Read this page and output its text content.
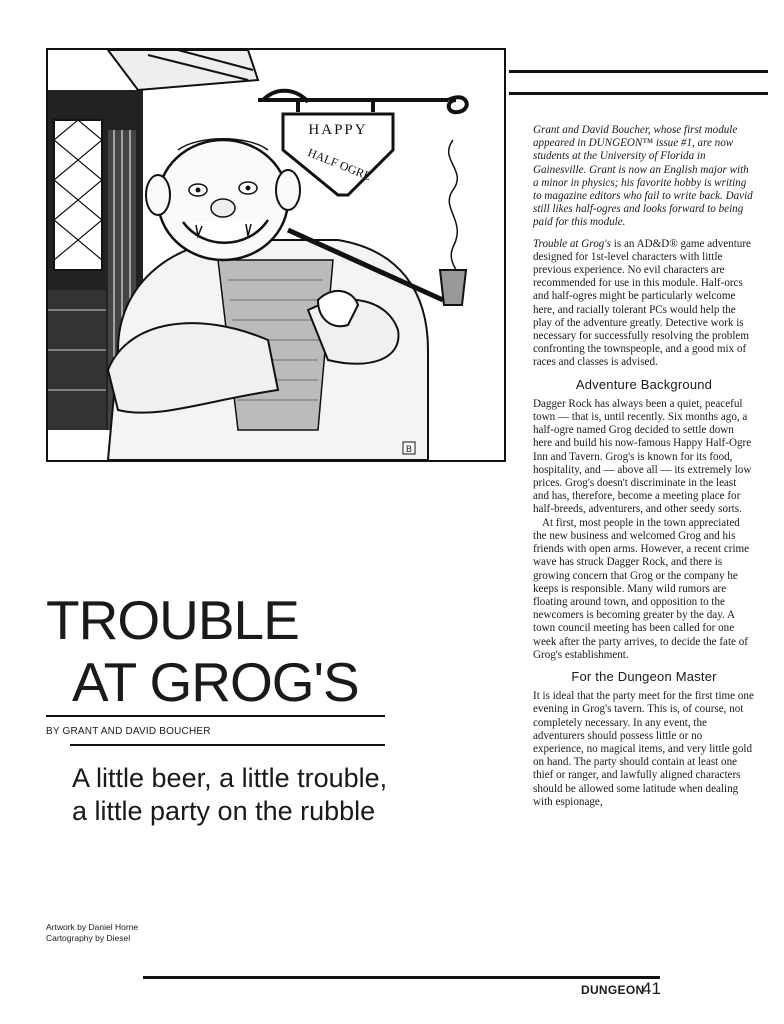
HAPPY
HALF OGRE
B

Grant and David Boucher, whose first module appeared in DUNGEON™ issue #1, are now students at the University of Florida in Gainesville. Grant is now an English major with a minor in physics; his favorite hobby is writing to magazine editors who fail to write back. David still likes half-ogres and looks forward to being paid for this module.

Trouble at Grog's is an AD&D® game adventure designed for 1st-level characters with little previous experience. No evil characters are recommended for use in this module. Half-orcs and half-ogres might be particularly welcome here, and racially tolerant PCs would help the play of the adventure greatly. Detective work is necessary for successfully resolving the problem confronting the townspeople, and a good mix of races and classes is advised.

Adventure Background

Dagger Rock has always been a quiet, peaceful town — that is, until recently. Six months ago, a half-ogre named Grog decided to settle down here and build his now-famous Happy Half-Ogre Inn and Tavern. Grog's is known for its food, hospitality, and — above all — its extremely low prices. Grog's doesn't discriminate in the least and has, therefore, become a meeting place for half-breeds, adventurers, and other seedy sorts.

At first, most people in the town appreciated the new business and welcomed Grog and his friends with open arms. However, a recent crime wave has struck Dagger Rock, and there is growing concern that Grog or the company he keeps is responsible. Many wild rumors are floating around town, and opposition to the newcomers is becoming greater by the day. A town council meeting has been called for one week after the party arrives, to decide the fate of Grog's establishment.

For the Dungeon Master

It is ideal that the party meet for the first time one evening in Grog's tavern. This is, of course, not completely necessary. In any event, the adventurers should possess little or no experience, no magical items, and very little gold on hand. The party should contain at least one thief or ranger, and lawfully aligned characters should be allowed some latitude when dealing with espionage,

TROUBLE
AT GROG'S
BY GRANT AND DAVID BOUCHER
A little beer, a little trouble, a little party on the rubble
Artwork by Daniel Horne
Cartography by Diesel
DUNGEON
41
